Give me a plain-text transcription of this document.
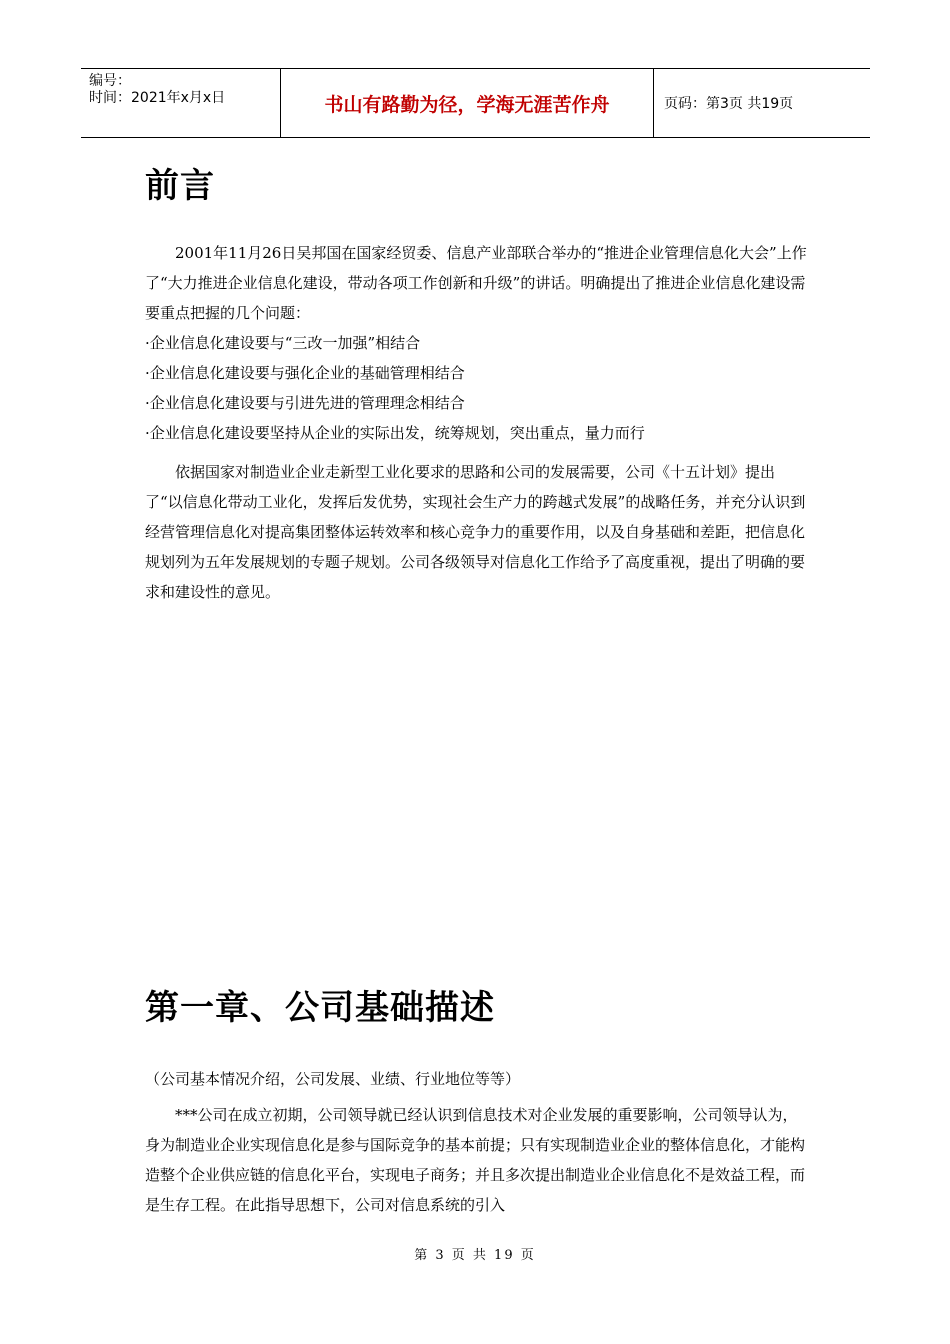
编号：
时间：2021年x月x日	书山有路勤为径，学海无涯苦作舟	页码：第3页 共19页
前言

2001年11月26日吴邦国在国家经贸委、信息产业部联合举办的“推进企业管理信息化大会”上作了“大力推进企业信息化建设，带动各项工作创新和升级”的讲话。明确提出了推进企业信息化建设需要重点把握的几个问题：

·企业信息化建设要与“三改一加强”相结合

·企业信息化建设要与强化企业的基础管理相结合

·企业信息化建设要与引进先进的管理理念相结合

·企业信息化建设要坚持从企业的实际出发，统筹规划，突出重点，量力而行

依据国家对制造业企业走新型工业化要求的思路和公司的发展需要，公司《十五计划》提出了“以信息化带动工业化，发挥后发优势，实现社会生产力的跨越式发展”的战略任务，并充分认识到经营管理信息化对提高集团整体运转效率和核心竞争力的重要作用，以及自身基础和差距，把信息化规划列为五年发展规划的专题子规划。公司各级领导对信息化工作给予了高度重视，提出了明确的要求和建设性的意见。

第一章、公司基础描述

（公司基本情况介绍，公司发展、业绩、行业地位等等）

***公司在成立初期，公司领导就已经认识到信息技术对企业发展的重要影响，公司领导认为，身为制造业企业实现信息化是参与国际竞争的基本前提；只有实现制造业企业的整体信息化，才能构造整个企业供应链的信息化平台，实现电子商务；并且多次提出制造业企业信息化不是效益工程，而是生存工程。在此指导思想下，公司对信息系统的引入

第 3 页 共 19 页
